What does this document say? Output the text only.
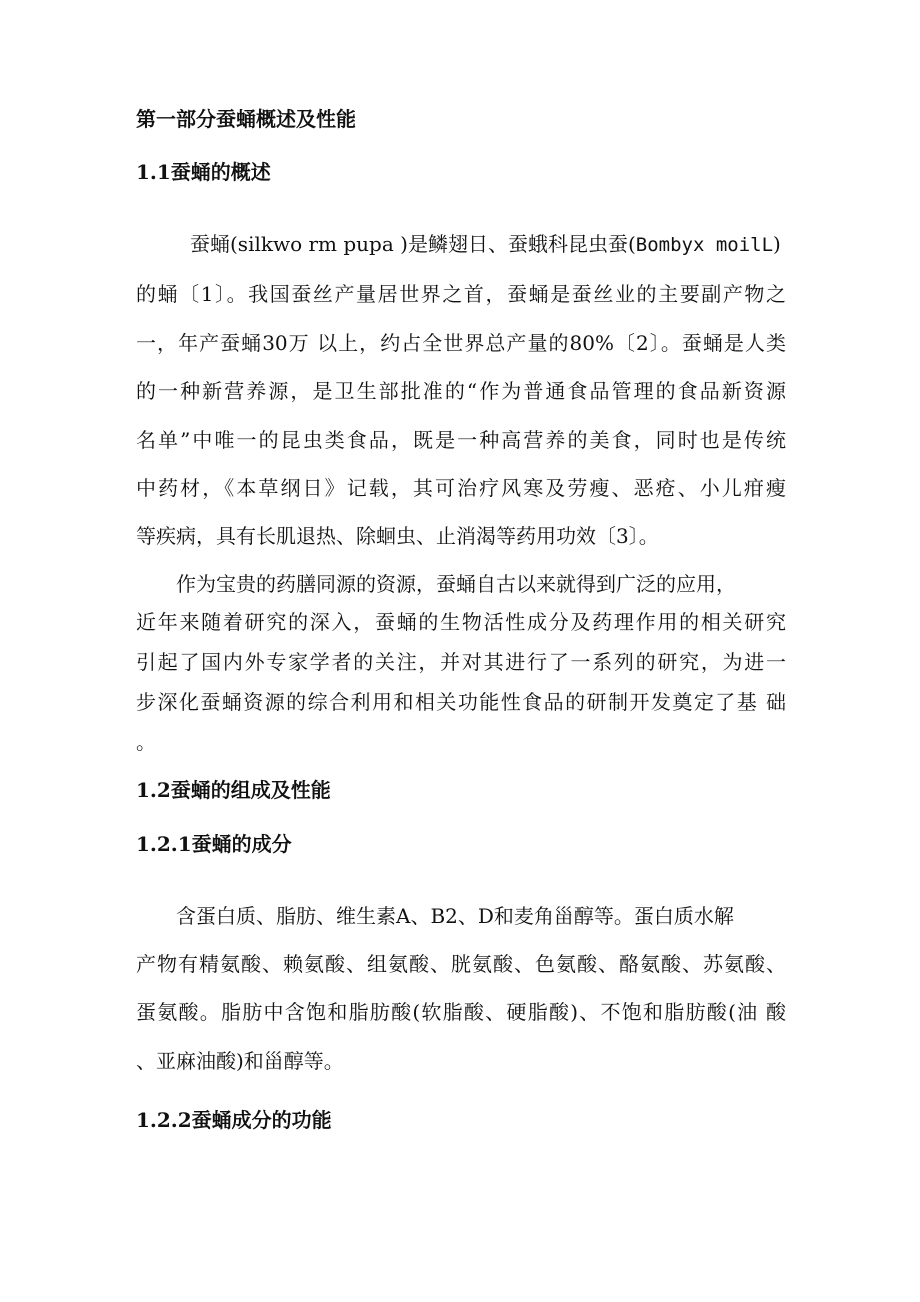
第一部分蚕蛹概述及性能

1.1蚕蛹的概述

蚕蛹(silkwo rm pupa )是鳞翅日、蚕蛾科昆虫蚕(Bombyx moilL)

的蛹〔1〕。我国蚕丝产量居世界之首，蚕蛹是蚕丝业的主要副产物之

一，年产蚕蛹30万 以上，约占全世界总产量的80%〔2〕。蚕蛹是人类

的一种新营养源，是卫生部批准的“作为普通食品管理的食品新资源

名单”中唯一的昆虫类食品，既是一种高营养的美食，同时也是传统

中药材，《本草纲日》记载，其可治疗风寒及劳瘦、恶疮、小儿疳瘦

等疾病，具有长肌退热、除蛔虫、止消渴等药用功效〔3〕。

作为宝贵的药膳同源的资源，蚕蛹自古以来就得到广泛的应用，

近年来随着研究的深入，蚕蛹的生物活性成分及药理作用的相关研究

引起了国内外专家学者的关注，并对其进行了一系列的研究，为进一

步深化蚕蛹资源的综合利用和相关功能性食品的研制开发奠定了基 础

。

1.2蚕蛹的组成及性能

1.2.1蚕蛹的成分

含蛋白质、脂肪、维生素A、B2、D和麦角甾醇等。蛋白质水解

产物有精氨酸、赖氨酸、组氨酸、胱氨酸、色氨酸、酪氨酸、苏氨酸、

蛋氨酸。脂肪中含饱和脂肪酸(软脂酸、硬脂酸)、不饱和脂肪酸(油 酸

、亚麻油酸)和甾醇等。

1.2.2蚕蛹成分的功能
